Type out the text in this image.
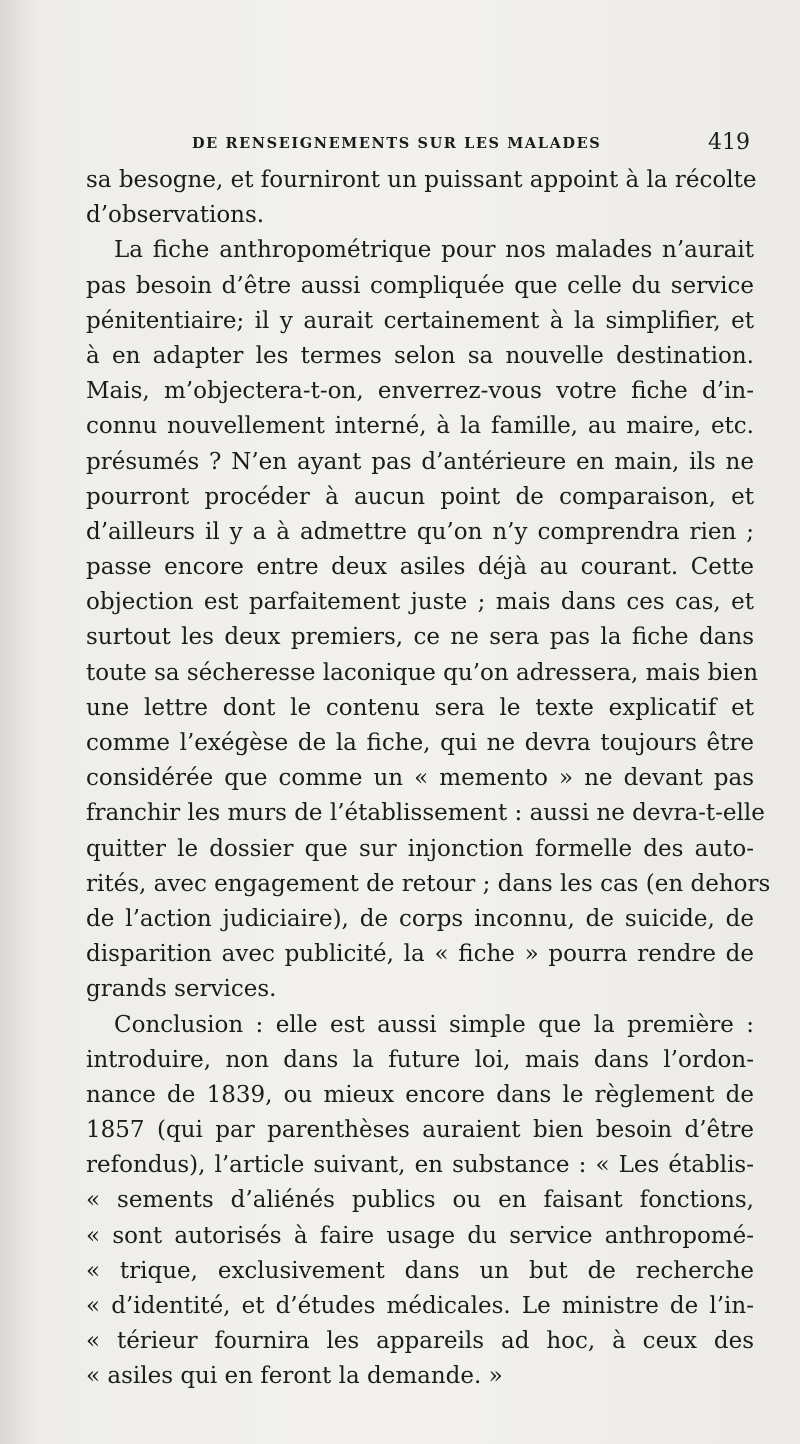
DE RENSEIGNEMENTS SUR LES MALADES	419
sa besogne, et fourniront un puissant appoint à la récolte
d’observations.
La fiche anthropométrique pour nos malades n’aurait
pas besoin d’être aussi compliquée que celle du service
pénitentiaire; il y aurait certainement à la simplifier, et
à en adapter les termes selon sa nouvelle destination.
Mais, m’objectera-t-on, enverrez-vous votre fiche d’in-
connu nouvellement interné, à la famille, au maire, etc.
présumés ? N’en ayant pas d’antérieure en main, ils ne
pourront procéder à aucun point de comparaison, et
d’ailleurs il y a à admettre qu’on n’y comprendra rien ;
passe encore entre deux asiles déjà au courant. Cette
objection est parfaitement juste ; mais dans ces cas, et
surtout les deux premiers, ce ne sera pas la fiche dans
toute sa sécheresse laconique qu’on adressera, mais bien
une lettre dont le contenu sera le texte explicatif et
comme l’exégèse de la fiche, qui ne devra toujours être
considérée que comme un « memento » ne devant pas
franchir les murs de l’établissement : aussi ne devra-t-elle
quitter le dossier que sur injonction formelle des auto-
rités, avec engagement de retour ; dans les cas (en dehors
de l’action judiciaire), de corps inconnu, de suicide, de
disparition avec publicité, la « fiche » pourra rendre de
grands services.
Conclusion : elle est aussi simple que la première :
introduire, non dans la future loi, mais dans l’ordon-
nance de 1839, ou mieux encore dans le règlement de
1857 (qui par parenthèses auraient bien besoin d’être
refondus), l’article suivant, en substance : « Les établis-
« sements d’aliénés publics ou en faisant fonctions,
« sont autorisés à faire usage du service anthropomé-
« trique, exclusivement dans un but de recherche
« d’identité, et d’études médicales. Le ministre de l’in-
« térieur fournira les appareils ad hoc, à ceux des
« asiles qui en feront la demande. »
